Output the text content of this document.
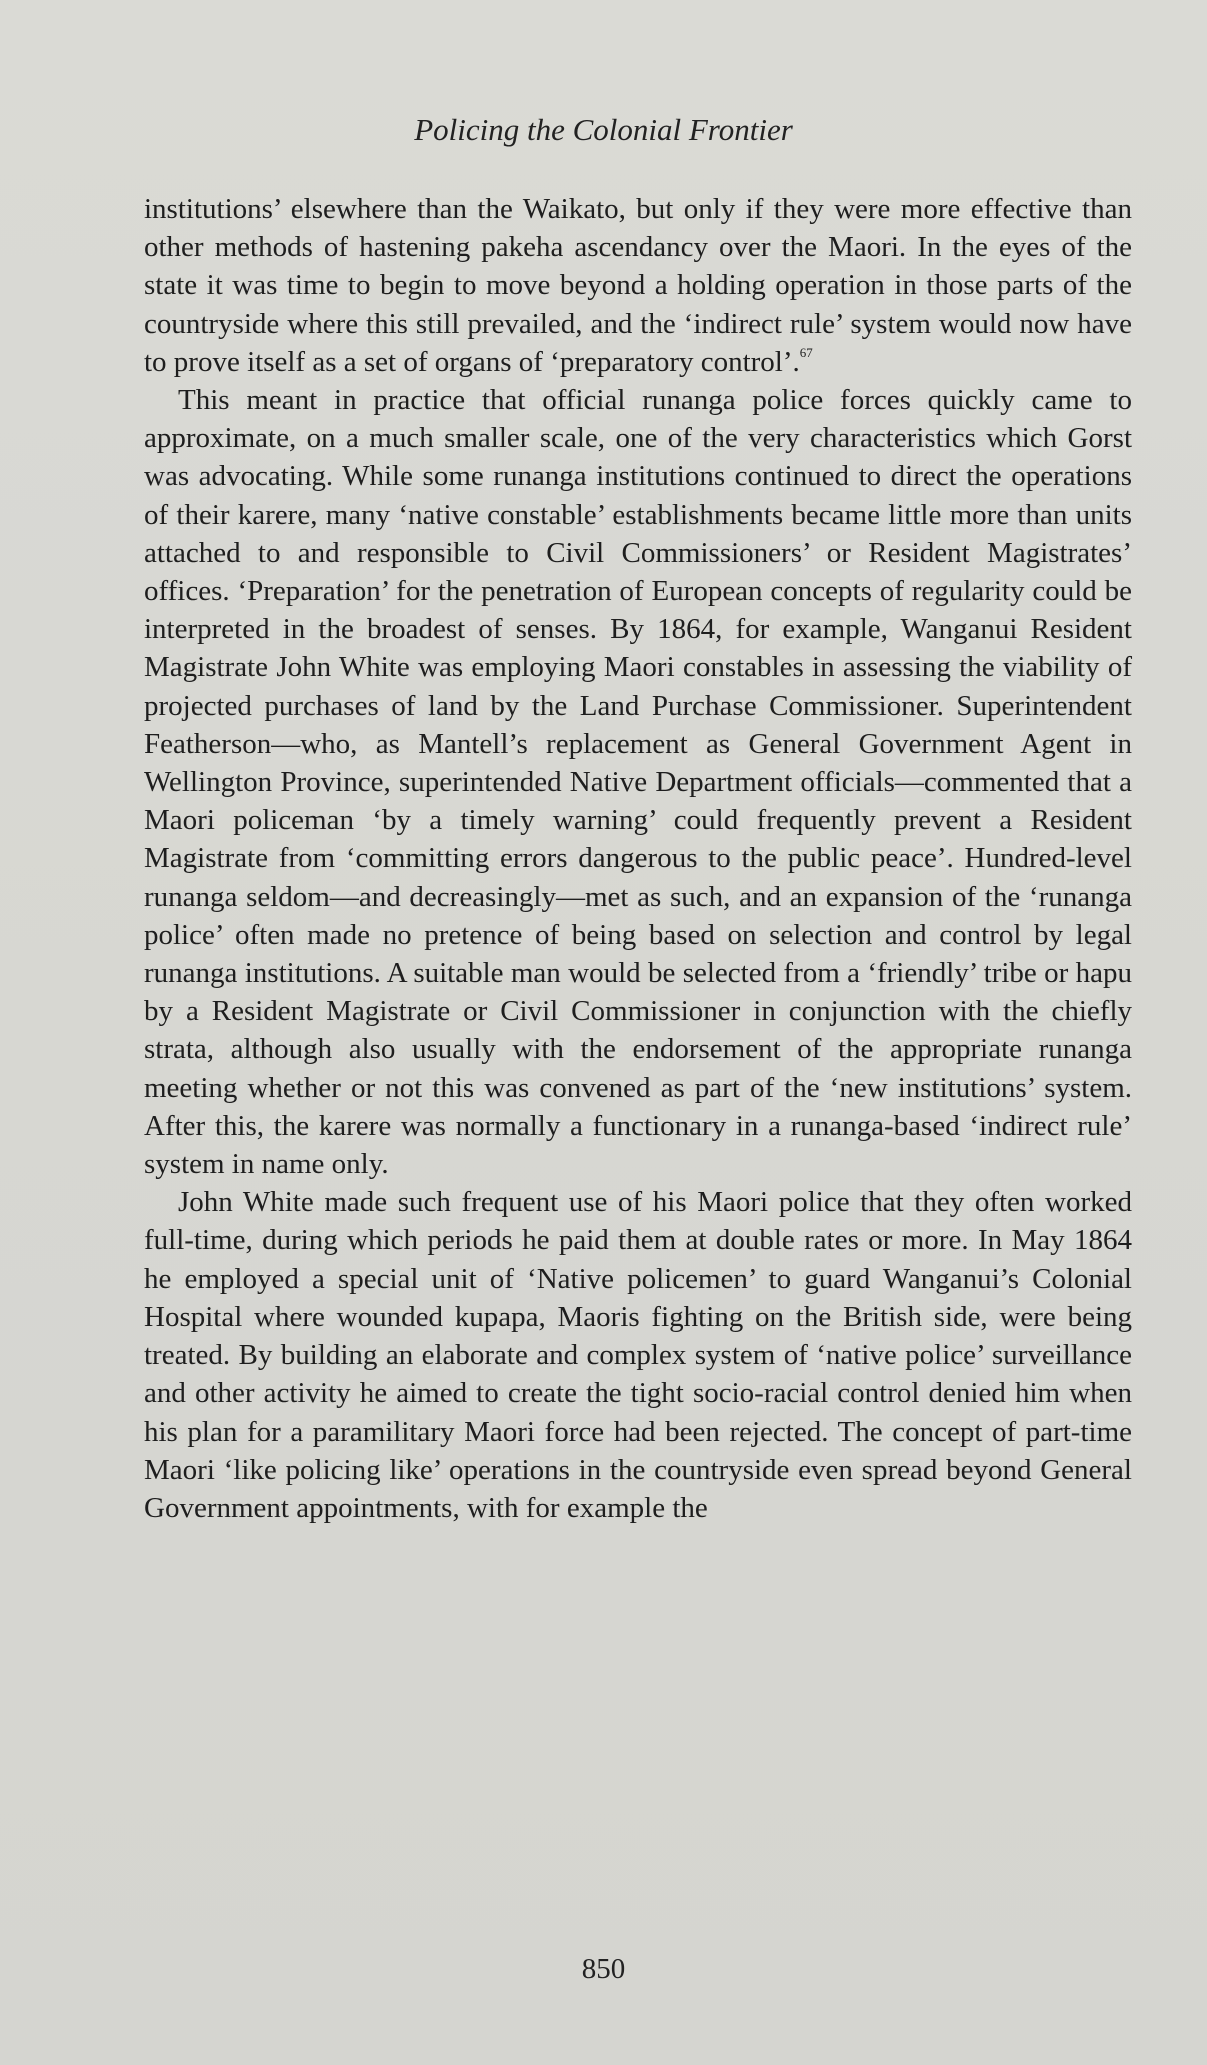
Policing the Colonial Frontier

institutions’ elsewhere than the Waikato, but only if they were more effective than other methods of hastening pakeha ascendancy over the Maori. In the eyes of the state it was time to begin to move beyond a holding operation in those parts of the countryside where this still prevailed, and the ‘indirect rule’ system would now have to prove itself as a set of organs of ‘preparatory control’.$^{67}$

This meant in practice that official runanga police forces quickly came to approximate, on a much smaller scale, one of the very characteristics which Gorst was advocating. While some runanga institutions continued to direct the operations of their karere, many ‘native constable’ establishments became little more than units attached to and responsible to Civil Commissioners’ or Resident Magistrates’ offices. ‘Preparation’ for the penetration of European concepts of regularity could be interpreted in the broadest of senses. By 1864, for example, Wanganui Resident Magistrate John White was employing Maori constables in assessing the viability of projected purchases of land by the Land Purchase Commissioner. Superintendent Featherson—who, as Mantell’s replacement as General Government Agent in Wellington Province, superintended Native Department officials—commented that a Maori policeman ‘by a timely warning’ could frequently prevent a Resident Magistrate from ‘committing errors dangerous to the public peace’. Hundred-level runanga seldom—and decreasingly—met as such, and an expansion of the ‘runanga police’ often made no pretence of being based on selection and control by legal runanga institutions. A suitable man would be selected from a ‘friendly’ tribe or hapu by a Resident Magistrate or Civil Commissioner in conjunction with the chiefly strata, although also usually with the endorsement of the appropriate runanga meeting whether or not this was convened as part of the ‘new institutions’ system. After this, the karere was normally a functionary in a runanga-based ‘indirect rule’ system in name only.

John White made such frequent use of his Maori police that they often worked full-time, during which periods he paid them at double rates or more. In May 1864 he employed a special unit of ‘Native policemen’ to guard Wanganui’s Colonial Hospital where wounded kupapa, Maoris fighting on the British side, were being treated. By building an elaborate and complex system of ‘native police’ surveillance and other activity he aimed to create the tight socio-racial control denied him when his plan for a paramilitary Maori force had been rejected. The concept of part-time Maori ‘like policing like’ operations in the countryside even spread beyond General Government appointments, with for example the

850
